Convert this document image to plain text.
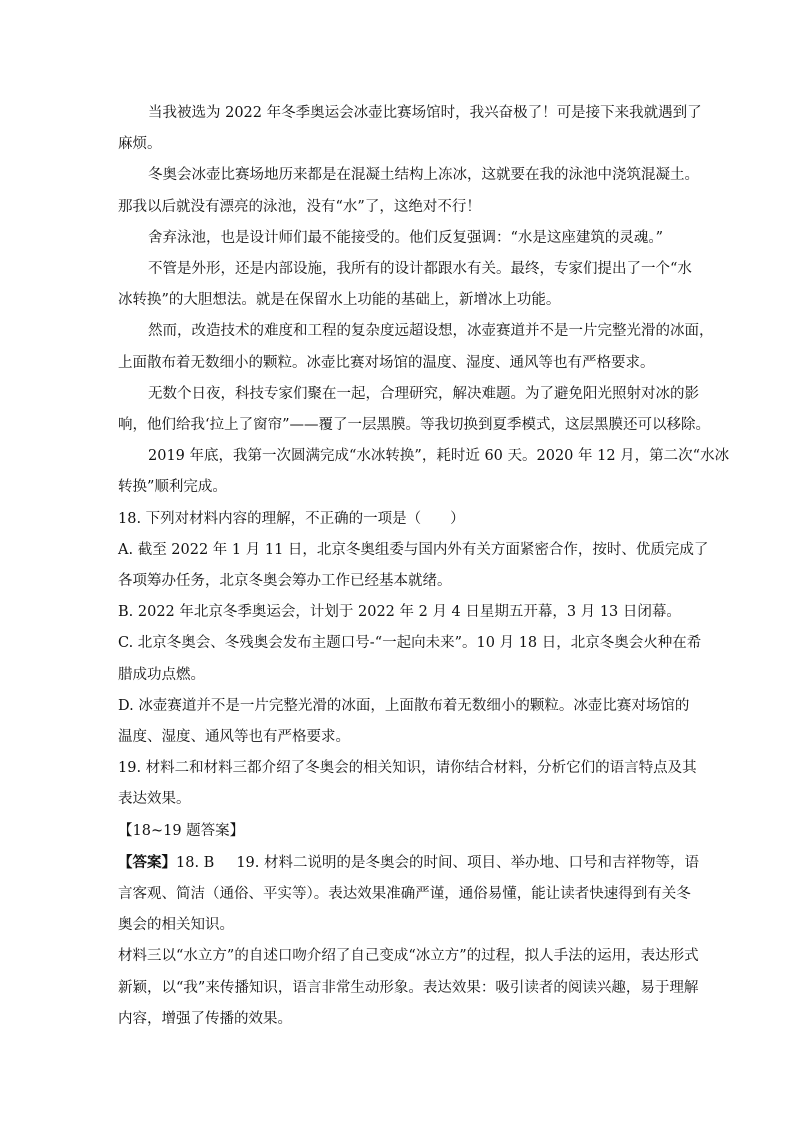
当我被选为 2022 年冬季奥运会冰壶比赛场馆时，我兴奋极了！可是接下来我就遇到了

麻烦。

冬奥会冰壶比赛场地历来都是在混凝土结构上冻冰，这就要在我的泳池中浇筑混凝土。

那我以后就没有漂亮的泳池，没有“水”了，这绝对不行！

舍弃泳池，也是设计师们最不能接受的。他们反复强调：“水是这座建筑的灵魂。”

不管是外形，还是内部设施，我所有的设计都跟水有关。最终，专家们提出了一个“水

冰转换”的大胆想法。就是在保留水上功能的基础上，新增冰上功能。

然而，改造技术的难度和工程的复杂度远超设想，冰壶赛道并不是一片完整光滑的冰面，

上面散布着无数细小的颗粒。冰壶比赛对场馆的温度、湿度、通风等也有严格要求。

无数个日夜，科技专家们聚在一起，合理研究，解决难题。为了避免阳光照射对冰的影

响，他们给我‘拉上了窗帘”——覆了一层黑膜。等我切换到夏季模式，这层黑膜还可以移除。

2019 年底，我第一次圆满完成“水冰转换”，耗时近 60 天。2020 年 12 月，第二次“水冰

转换”顺利完成。

18. 下列对材料内容的理解，不正确的一项是（　　）

A. 截至 2022 年 1 月 11 日，北京冬奥组委与国内外有关方面紧密合作，按时、优质完成了

各项筹办任务，北京冬奥会筹办工作已经基本就绪。

B. 2022 年北京冬季奥运会，计划于 2022 年 2 月 4 日星期五开幕，3 月 13 日闭幕。

C. 北京冬奥会、冬残奥会发布主题口号-“一起向未来”。10 月 18 日，北京冬奥会火种在希

腊成功点燃。

D. 冰壶赛道并不是一片完整光滑的冰面，上面散布着无数细小的颗粒。冰壶比赛对场馆的

温度、湿度、通风等也有严格要求。

19. 材料二和材料三都介绍了冬奥会的相关知识，请你结合材料，分析它们的语言特点及其

表达效果。

【18~19 题答案】

【答案】18. B 19. 材料二说明的是冬奥会的时间、项目、举办地、口号和吉祥物等，语

言客观、简洁（通俗、平实等）。表达效果准确严谨，通俗易懂，能让读者快速得到有关冬

奥会的相关知识。

材料三以“水立方”的自述口吻介绍了自己变成“冰立方”的过程，拟人手法的运用，表达形式

新颖，以“我”来传播知识，语言非常生动形象。表达效果：吸引读者的阅读兴趣，易于理解

内容，增强了传播的效果。
